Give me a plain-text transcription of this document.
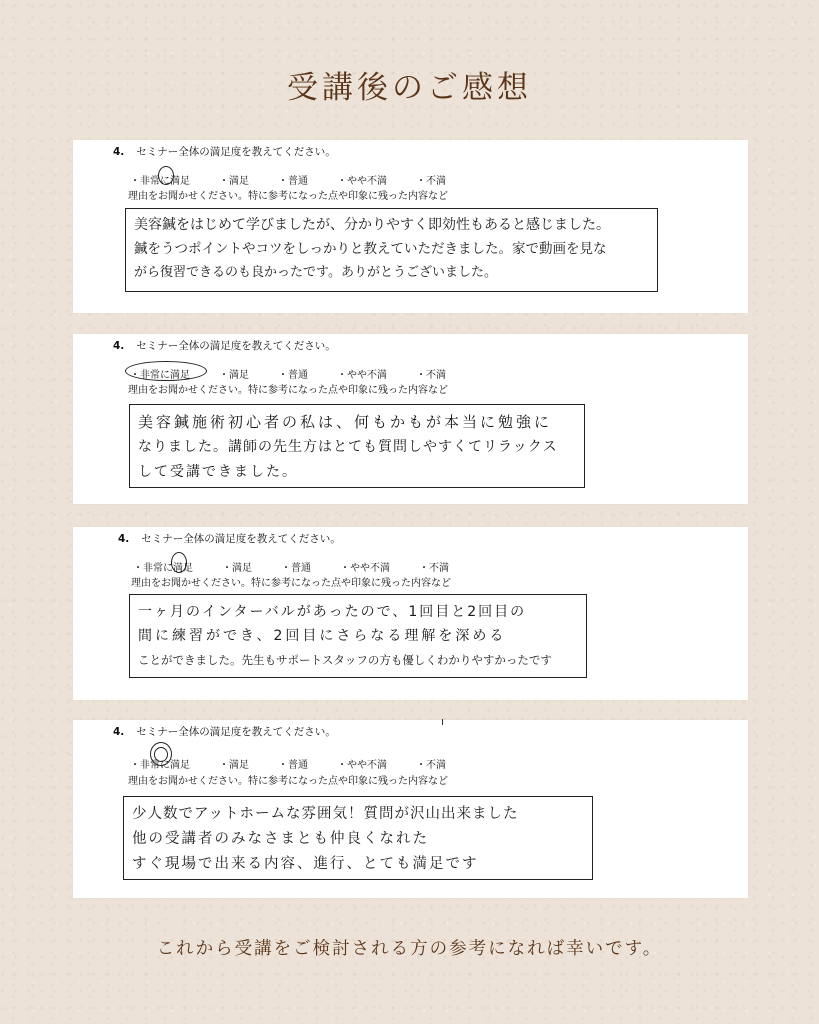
受講後のご感想
4. セミナー全体の満足度を教えてください。
・非常に満足	・満足	・普通	・やや不満	・不満
理由をお聞かせください。特に参考になった点や印象に残った内容など
美容鍼をはじめて学びましたが、分かりやすく即効性もあると感じました。
鍼をうつポイントやコツをしっかりと教えていただきました。家で動画を見な
がら復習できるのも良かったです。ありがとうございました。
4. セミナー全体の満足度を教えてください。
・非常に満足	・満足	・普通	・やや不満	・不満
理由をお聞かせください。特に参考になった点や印象に残った内容など
美容鍼施術初心者の私は、何もかもが本当に勉強に
なりました。講師の先生方はとても質問しやすくてリラックス
して受講できました。
4. セミナー全体の満足度を教えてください。
・非常に満足	・満足	・普通	・やや不満	・不満
理由をお聞かせください。特に参考になった点や印象に残った内容など
一ヶ月のインターバルがあったので、1回目と2回目の
間に練習ができ、2回目にさらなる理解を深める
ことができました。先生もサポートスタッフの方も優しくわかりやすかったです
4. セミナー全体の満足度を教えてください。
・非常に満足	・満足	・普通	・やや不満	・不満
理由をお聞かせください。特に参考になった点や印象に残った内容など
少人数でアットホームな雰囲気！質問が沢山出来ました
他の受講者のみなさまとも仲良くなれた
すぐ現場で出来る内容、進行、とても満足です
これから受講をご検討される方の参考になれば幸いです。
